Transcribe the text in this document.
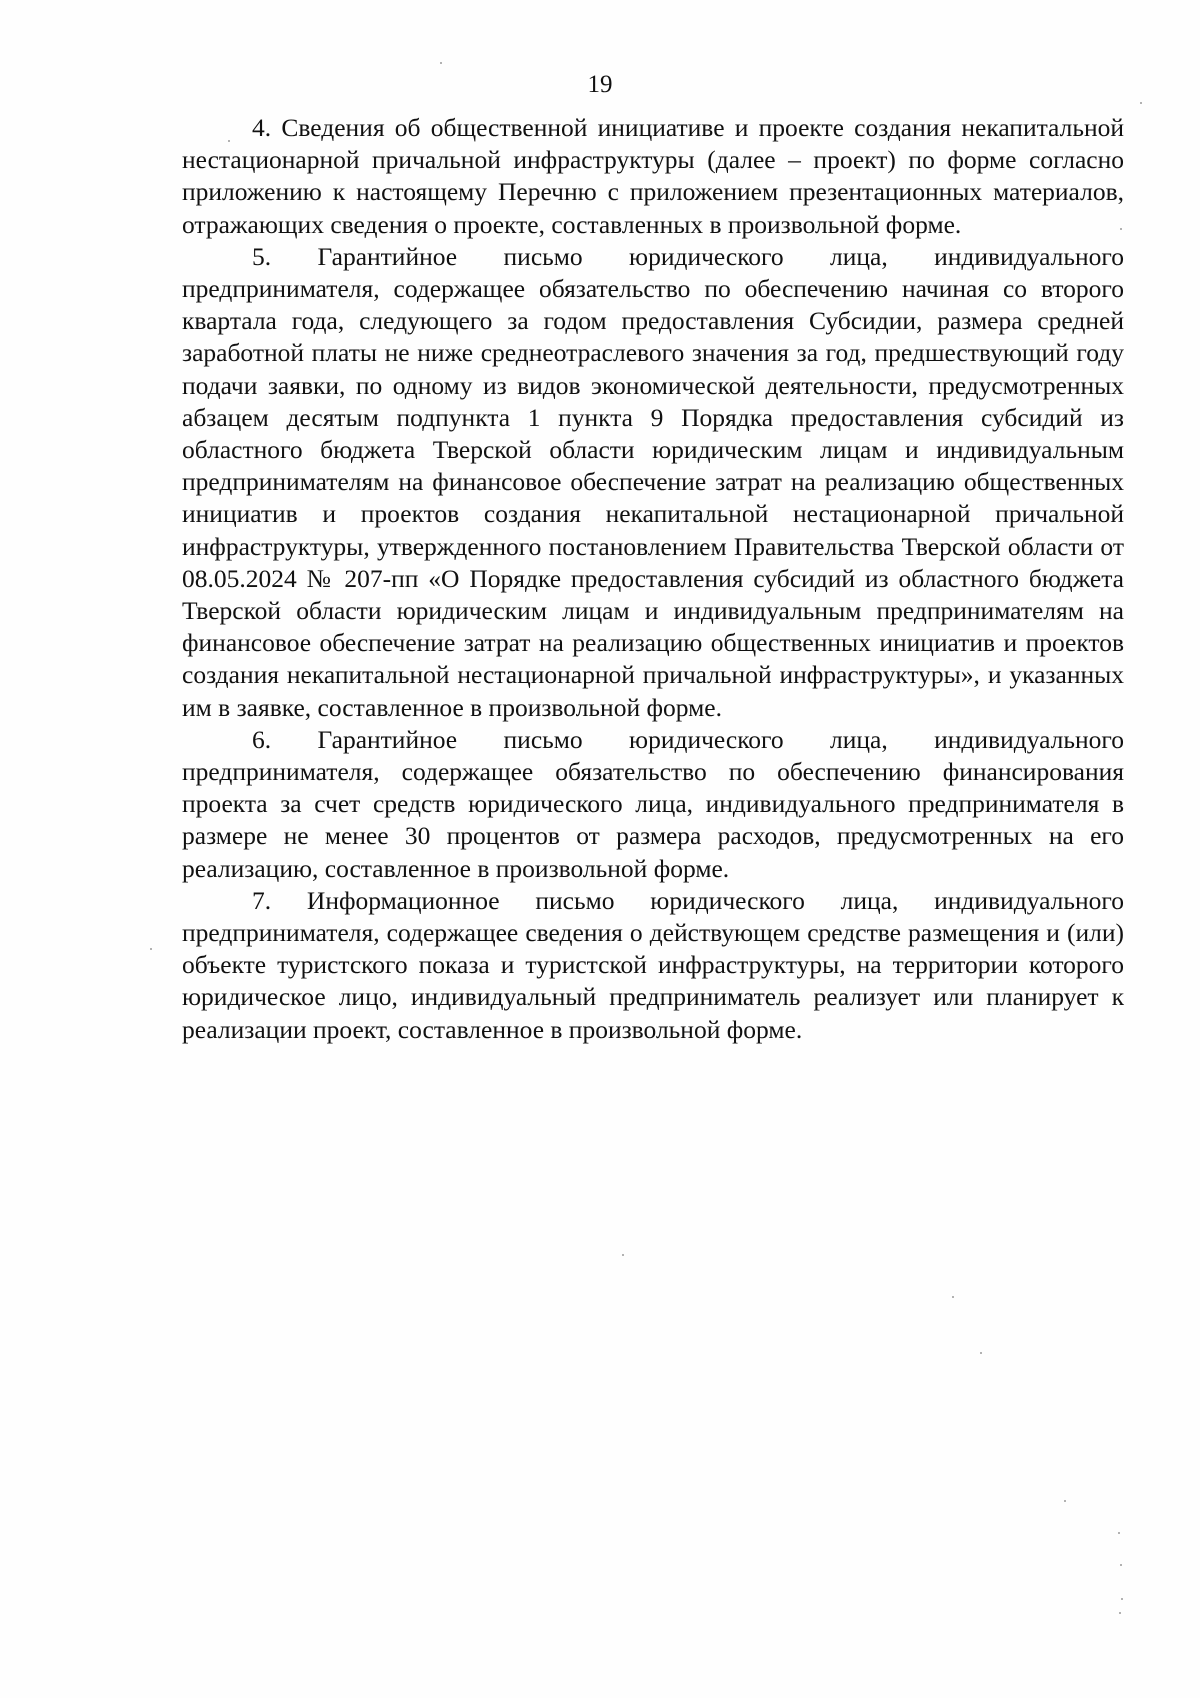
19

4. Сведения об общественной инициативе и проекте создания некапитальной нестационарной причальной инфраструктуры (далее – проект) по форме согласно приложению к настоящему Перечню с приложением презентационных материалов, отражающих сведения о проекте, составленных в произвольной форме.

5. Гарантийное письмо юридического лица, индивидуального предпринимателя, содержащее обязательство по обеспечению начиная со второго квартала года, следующего за годом предоставления Субсидии, размера средней заработной платы не ниже среднеотраслевого значения за год, предшествующий году подачи заявки, по одному из видов экономической деятельности, предусмотренных абзацем десятым подпункта 1 пункта 9 Порядка предоставления субсидий из областного бюджета Тверской области юридическим лицам и индивидуальным предпринимателям на финансовое обеспечение затрат на реализацию общественных инициатив и проектов создания некапитальной нестационарной причальной инфраструктуры, утвержденного постановлением Правительства Тверской области от 08.05.2024 № 207-пп «О Порядке предоставления субсидий из областного бюджета Тверской области юридическим лицам и индивидуальным предпринимателям на финансовое обеспечение затрат на реализацию общественных инициатив и проектов создания некапитальной нестационарной причальной инфраструктуры», и указанных им в заявке, составленное в произвольной форме.

6. Гарантийное письмо юридического лица, индивидуального предпринимателя, содержащее обязательство по обеспечению финансирования проекта за счет средств юридического лица, индивидуального предпринимателя в размере не менее 30 процентов от размера расходов, предусмотренных на его реализацию, составленное в произвольной форме.

7. Информационное письмо юридического лица, индивидуального предпринимателя, содержащее сведения о действующем средстве размещения и (или) объекте туристского показа и туристской инфраструктуры, на территории которого юридическое лицо, индивидуальный предприниматель реализует или планирует к реализации проект, составленное в произвольной форме.
